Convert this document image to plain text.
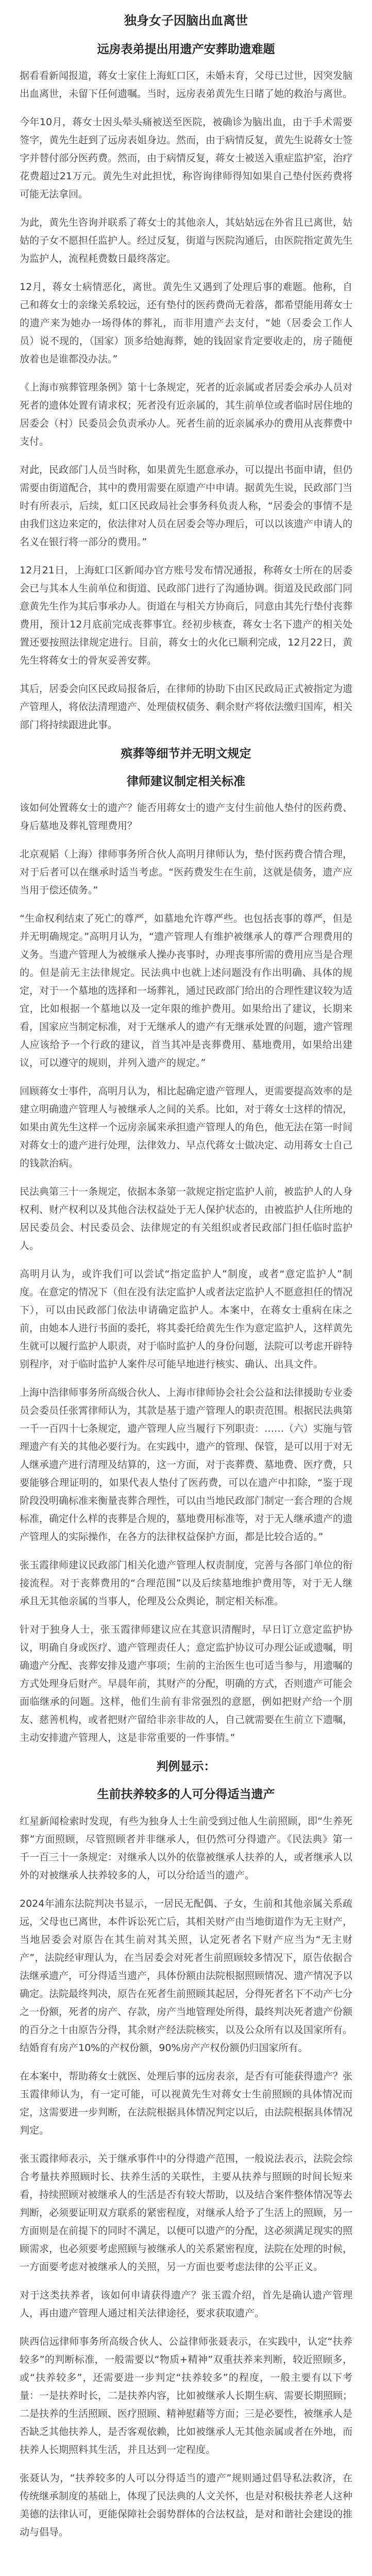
独身女子因脑出血离世
远房表弟提出用遗产安葬助遗难题

据看看新闻报道，蒋女士家住上海虹口区，未婚未育，父母已过世，因突发脑出血离世，未留下任何遗嘱。当时，远房表弟黄先生日睹了她的救治与离世。

今年10月，蒋女士因头晕头痛被送至医院，被确诊为脑出血，由于手术需要签字，黄先生赶到了远房表姐身边。然而，由于病情反复，黄先生说蒋女士签字并替付部分医药费。然而，由于病情反复，蒋女士被送入重症监护室，治疗花费超过21万元。黄先生对此担忧，称咨询律师得知如果自己垫付医药费将可能无法拿回。

为此，黄先生咨询并联系了蒋女士的其他亲人，其姑姑远在外省且已离世，姑姑的子女不愿担任监护人。经过反复，街道与医院沟通后，由医院指定黄先生为监护人，流程耗费数日最终落定。

12月，蒋女士病情恶化，离世。黄先生又遇到了处理后事的难题。他称，自己和蒋女士的亲缘关系较远，还有垫付的医药费尚无着落，都希望能用蒋女士的遗产来为她办一场得体的葬礼，而非用遗产去支付，“她（居委会工作人员）说不现的，（国家）顶多给她海葬，她的钱固家肯定要收走的，房子随便放着也是谁都没办法。”

《上海市殡葬管理条例》第十七条规定，死者的近亲属或者居委会承办人员对死者的遗体处置有请求权；死者没有近亲属的，其生前单位或者临时居住地的居委会（村）民委员会负责承办人。死者生前的近亲属承办的费用从丧葬费中支付。

对此，民政部门人员当时称，如果黄先生愿意承办，可以提出书面申请，但仍需要由街道配合，其中的费用需要在原遗产中申请。据黄先生说，民政部门当时有所表示，后续，虹口区民政局社会事务科负责人称，“居委会的事情不是由我们这边来定的，依法律对人员在居委会等办理后，可以以该遗产申请人的名义在银行将一部分的费用。”

12月21日，上海虹口区新闻办官方账号发布情况通报，称蒋女士所在的居委会已与其本人生前单位和街道、民政部门进行了沟通协调。街道及民政部门同意黄先生作为其后事承办人。街道在与相关方协商后，同意由其先行垫付丧葬费用，预计12月底前完成丧葬事宜。经初步核查，蒋女士名下遗产的相关处置还要按照法律规定进行。目前，蒋女士的火化已顺利完成，12月22日，黄先生将蒋女士的骨灰妥善安葬。

其后，居委会向区民政局报备后，在律师的协助下由区民政局正式被指定为遗产管理人，将依法清理遗产、处理债权债务、剩余财产将依法缴归国库，相关部门将持续跟进此事。

殡葬等细节并无明文规定
律师建议制定相关标准

该如何处置蒋女士的遗产？能否用蒋女士的遗产支付生前他人垫付的医药费、身后墓地及葬礼管理费用？

北京观韬（上海）律师事务所合伙人高明月律师认为，垫付医药费合情合理，对于后者可以在继承时适当考虑。“医药费发生在生前，这就是债务，遗产应当用于偿还债务。”

“生命权利结束了死亡的尊严，如墓地允许尊严些。也包括丧事的尊严，但是并无明确规定。”高明月认为，“遗产管理人有维护被继承人的尊严合理费用的义务。当遗产管理人为被继承人操办丧事时，办理丧事所需的费用应当是合理的。但是前无主法律规定。民法典中也就上述问题没有作出明确、具体的规定，对于一个墓地的选择和一场葬礼，通过民政部门给出的合理性建议较为适宜，比如根据一个墓地以及一定年限的维护费用。如果给出了建议，长期来看，国家应当制定标准，对于无继承人的遗产有无继承处置的问题，遗产管理人应该给予一个行政的建议，首当其冲是丧葬费用、墓地费用，如果给出建议，可以遵守的规则，并列入遗产的规定。”

回顾蒋女士事件，高明月认为，相比起确定遗产管理人，更需要提高效率的是建立明确遗产管理人与被继承人之间的关系。比如，对于蒋女士这样的情况，如果由黄先生这样一个远房亲属来承担遗产管理人的角色，他无法在第一时间对蒋女士的遗产进行处理，法律效力、早点代蒋女士做决定、动用蒋女士自己的钱款治病。

民法典第三十一条规定，依据本条第一款规定指定监护人前，被监护人的人身权利、财产权利以及其他合法权益处于无人保护状态的，由被监护人住所地的居民委员会、村民委员会、法律规定的有关组织或者民政部门担任临时监护人。

高明月认为，或许我们可以尝试“指定监护人”制度，或者“意定监护人”制度。在意定的情况下（但在没有法定监护人或者法定监护人不愿意担任的情况下），可以由民政部门依法申请确定监护人。本案中，在蒋女士重病在床之前，由她本人进行书面的委托，将其委托给黄先生作为意定监护人，这样黄先生就可以履行监护人职责，对于临时监护人的身份问题，法院可以考虑开辟特别程序，对于临时监护人案件尽可能早地进行核实、确认、出具文件。

上海中浩律师事务所高级合伙人、上海市律师协会社会公益和法律援助专业委员会委员任张霄律师认为，其款是基于遗产管理人的职责范围。根据民法典第一千一百四十七条规定，遗产管理人应当履行下列职责：……（六）实施与管理遗产有关的其他必要行为。在实践中，遗产的管理、保管，是可以用于对无人继承遗产进行清理及结算的，这一方面，对于丧葬费、墓地费、医疗费，只要能够合理证明的，如果代表人垫付了医药费，可以在遗产中扣除，“鉴于现阶段没明确标准来衡量丧葬合理性，可以由当地民政部门制定一套合理的合规标准，确定什么样的丧葬是合规的，墓地费用标准等，对于无人继承遗产的遗产管理人的实际操作，在各方的法律权益保护方面，都是比较合适的。”

张玉霞律师建议民政部门相关化遗产管理人权责制度，完善与各部门单位的衔接流程。对于丧葬费用的“合理范围”以及后续墓地维护费用等，对于无人继承且无其他亲属的当事人，伦理及公众舆论，制定相关标准。

针对于独身人士，张玉霞律师建议应在其意识清醒时，早日订立意定监护协议，明确自身或医疗、遗产管理责任人；意定监护协议可办理公证或遗嘱，明确遗产分配、丧葬安排及遗产事项；生前的主治医生也可适当参与，用遗嘱的方式处理身后财产。早晨年前，其财产的分配，明确的方式，否则遗产可能会面临继承的问题。这样，他们生前有非常强烈的意愿，例如把财产给一个朋友、慈善机构，或者把财产留给非亲非故的人，自己就需要在生前立下遗嘱，主动安排遗产管理人，这是非常重要的一件事情。”

判例显示：
生前扶养较多的人可分得适当遗产

红星新闻检索时发现，有些为独身人士生前受到过他人生前照顾，即“生养死葬”方面照顾，尽管照顾者并非继承人，但仍然可分得遗产。《民法典》第一千一百三十一条规定：对继承人以外的依靠被继承人扶养的人，或者继承人以外的对被继承人扶养较多的人，可以分给适当的遗产。

2024年浦东法院判决书显示，一居民无配偶、子女，生前和其他亲属关系疏远，父母也已离世，本件诉讼死亡后，其相关财产由当地街道作为无主财产，当地居委会对原告在其生前对其关照，认定死者名下财产应当为“无主财产”，法院经审理认为，在当居委会对死者生前照顾较多情况下，原告依据合法继承遗产，可分得适当遗产，具体份额由法院根据照顾情况、遗产情况予以确定。法院最终判决，原告在死者生前照顾其起居，分得死者名下不动产七分之一份额，死者的房产、存款，房产当地管理处所得，最终判决死者遗产份额的百分之十由原告分得，其余财产经法院核实，以及公众所有以及国家所有。结婚育有房产10%的产权份额，90%房产产权份额仍归国家所有。

在本案中，帮助蒋女士就医、处理后事的远房表亲，是否有可能获得遗产？张玉霞律师认为，有一定可能，可以视黄先生对蒋女士生前照顾的具体情况而定，这需要进一步判断，在法院根据具体情况判定以后，由法院根据具体情况判定。

张玉霞律师表示，关于继承事件中的分得遗产范围，一般说法表示，法院会综合考量扶养照顾时长、扶养生活的关联性，主要从扶养与照顾的时间长短来看，持续照顾对被继承人的生活是否有较大帮助，以及结合案件整体情况等去判断，必须要证明双方联系的紧密程度，对继承人给予了生活上的照顾，另一方面则是在前提下的同时不满足，以便可以遗产的分配，这必须满足现实的照顾需求，也必须要考虑照顾与被继承人的关系紧密程度，法院在处理的时候，一方面要考虑对被继承人的关照，另一方面也要考虑法律的公平正义。

对于这类扶养者，该如何申请获得遗产？张玉霞介绍，首先是确认遗产管理人，再由遗产管理人通过相关法律途径，要求获取遗产。

陕西信远律师事务所高级合伙人、公益律师张聂表示，在实践中，认定“扶养较多”的判断标准，一般需要以“物质+精神”双重扶养来判断，较近照顾多，或“扶养较多”，还需要进一步判定“扶养较多”的程度，一般主要有以下考量：一是扶养时长，二是扶养内容，比如被继承人长期生病、需要长期照顾；二是扶养的生活照顾、医疗照顾、精神慰藉等方面；三是必要性，被继承人是否缺乏其他扶养人，是否客观依赖，比如被继承人无其他亲属或者在外地，而扶养人长期照料其生活，并且达到一定程度。

张聂认为，“扶养较多的人可以分得适当的遗产”规则通过倡导私法救济，在传统继承制度的基础上，体现了民法典的人文关怀，也是对积极扶养老人这种美德的法律认可，更能保障社会弱势群体的合法权益，是对和谐社会建设的推动与倡导。
